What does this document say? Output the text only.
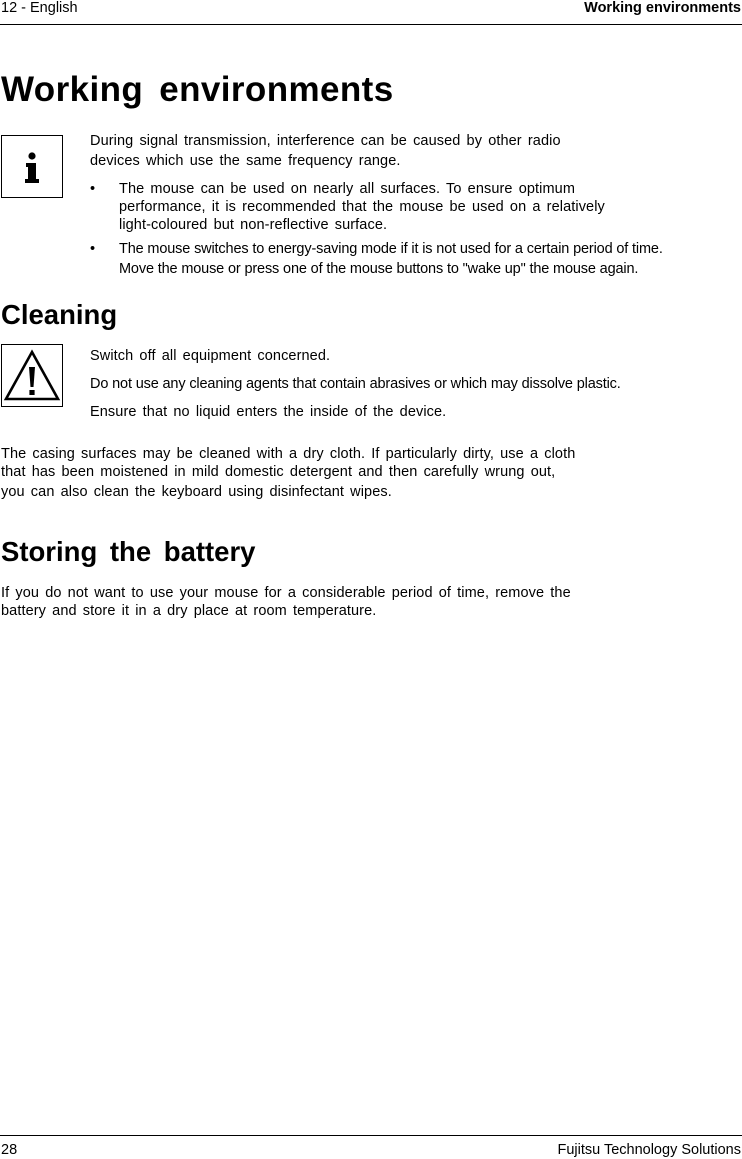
12 - English	Working environments
Working environments
During signal transmission, interference can be caused by other radio
devices which use the same frequency range.
• The mouse can be used on nearly all surfaces. To ensure optimum
performance, it is recommended that the mouse be used on a relatively
light-coloured but non-reflective surface.
• The mouse switches to energy-saving mode if it is not used for a certain period of time.
Move the mouse or press one of the mouse buttons to "wake up" the mouse again.
Cleaning
Switch off all equipment concerned.
Do not use any cleaning agents that contain abrasives or which may dissolve plastic.
Ensure that no liquid enters the inside of the device.
The casing surfaces may be cleaned with a dry cloth. If particularly dirty, use a cloth
that has been moistened in mild domestic detergent and then carefully wrung out,
you can also clean the keyboard using disinfectant wipes.
Storing the battery
If you do not want to use your mouse for a considerable period of time, remove the
battery and store it in a dry place at room temperature.
28	Fujitsu Technology Solutions
